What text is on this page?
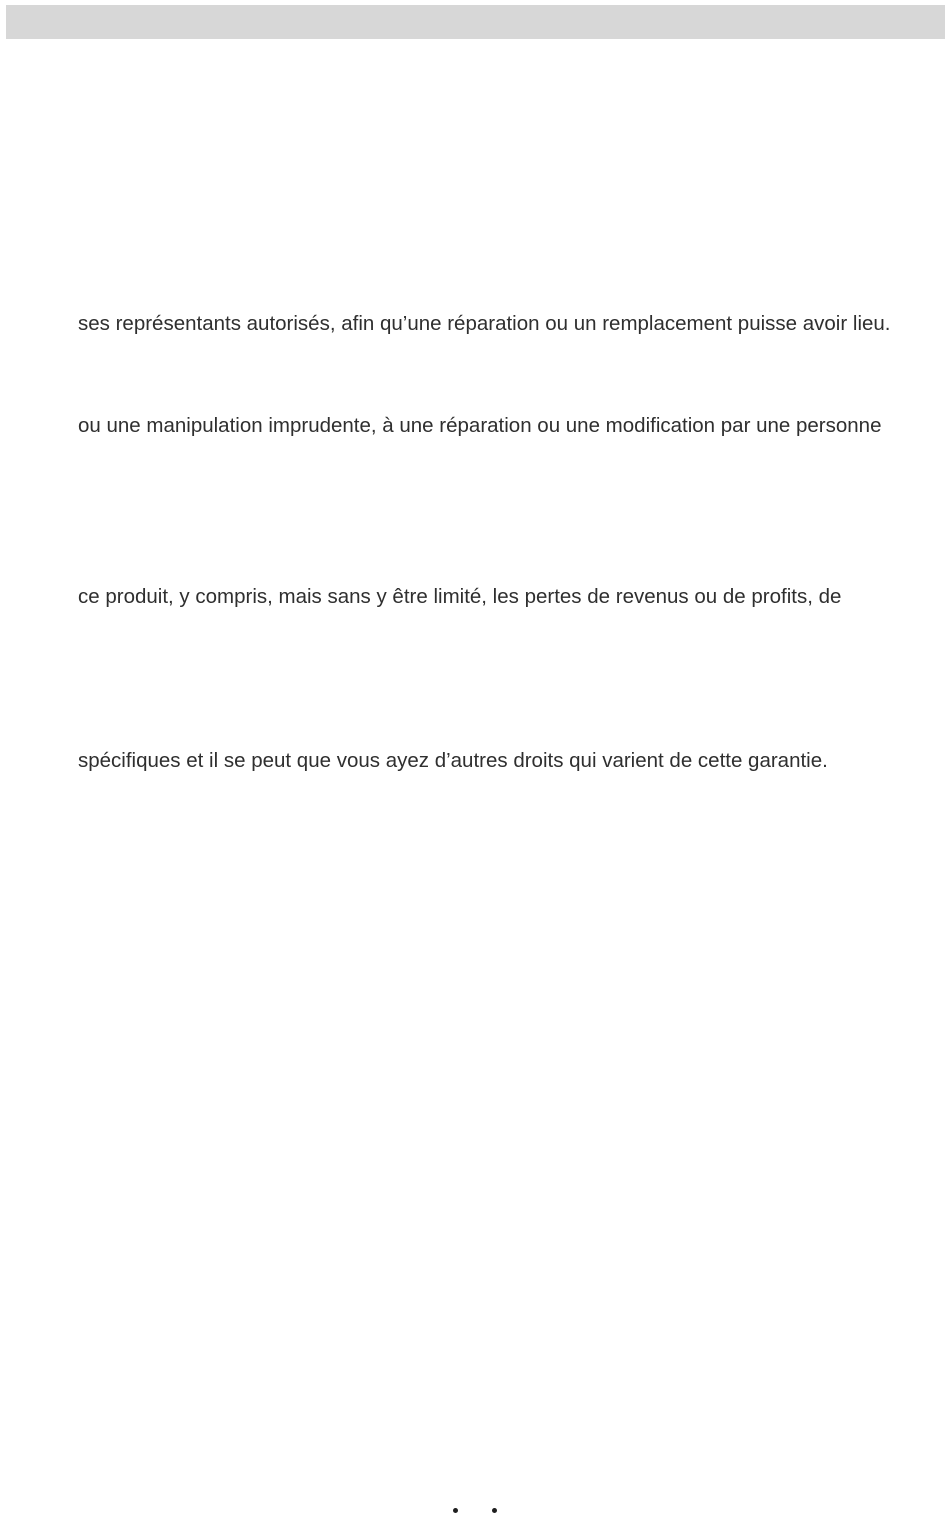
ses représentants autorisés, afin qu’une réparation ou un remplacement puisse avoir lieu.
ou une manipulation imprudente, à une réparation ou une modification par une personne
ce produit, y compris, mais sans y être limité, les pertes de revenus ou de profits, de
spécifiques et il se peut que vous ayez d’autres droits qui varient de cette garantie.
